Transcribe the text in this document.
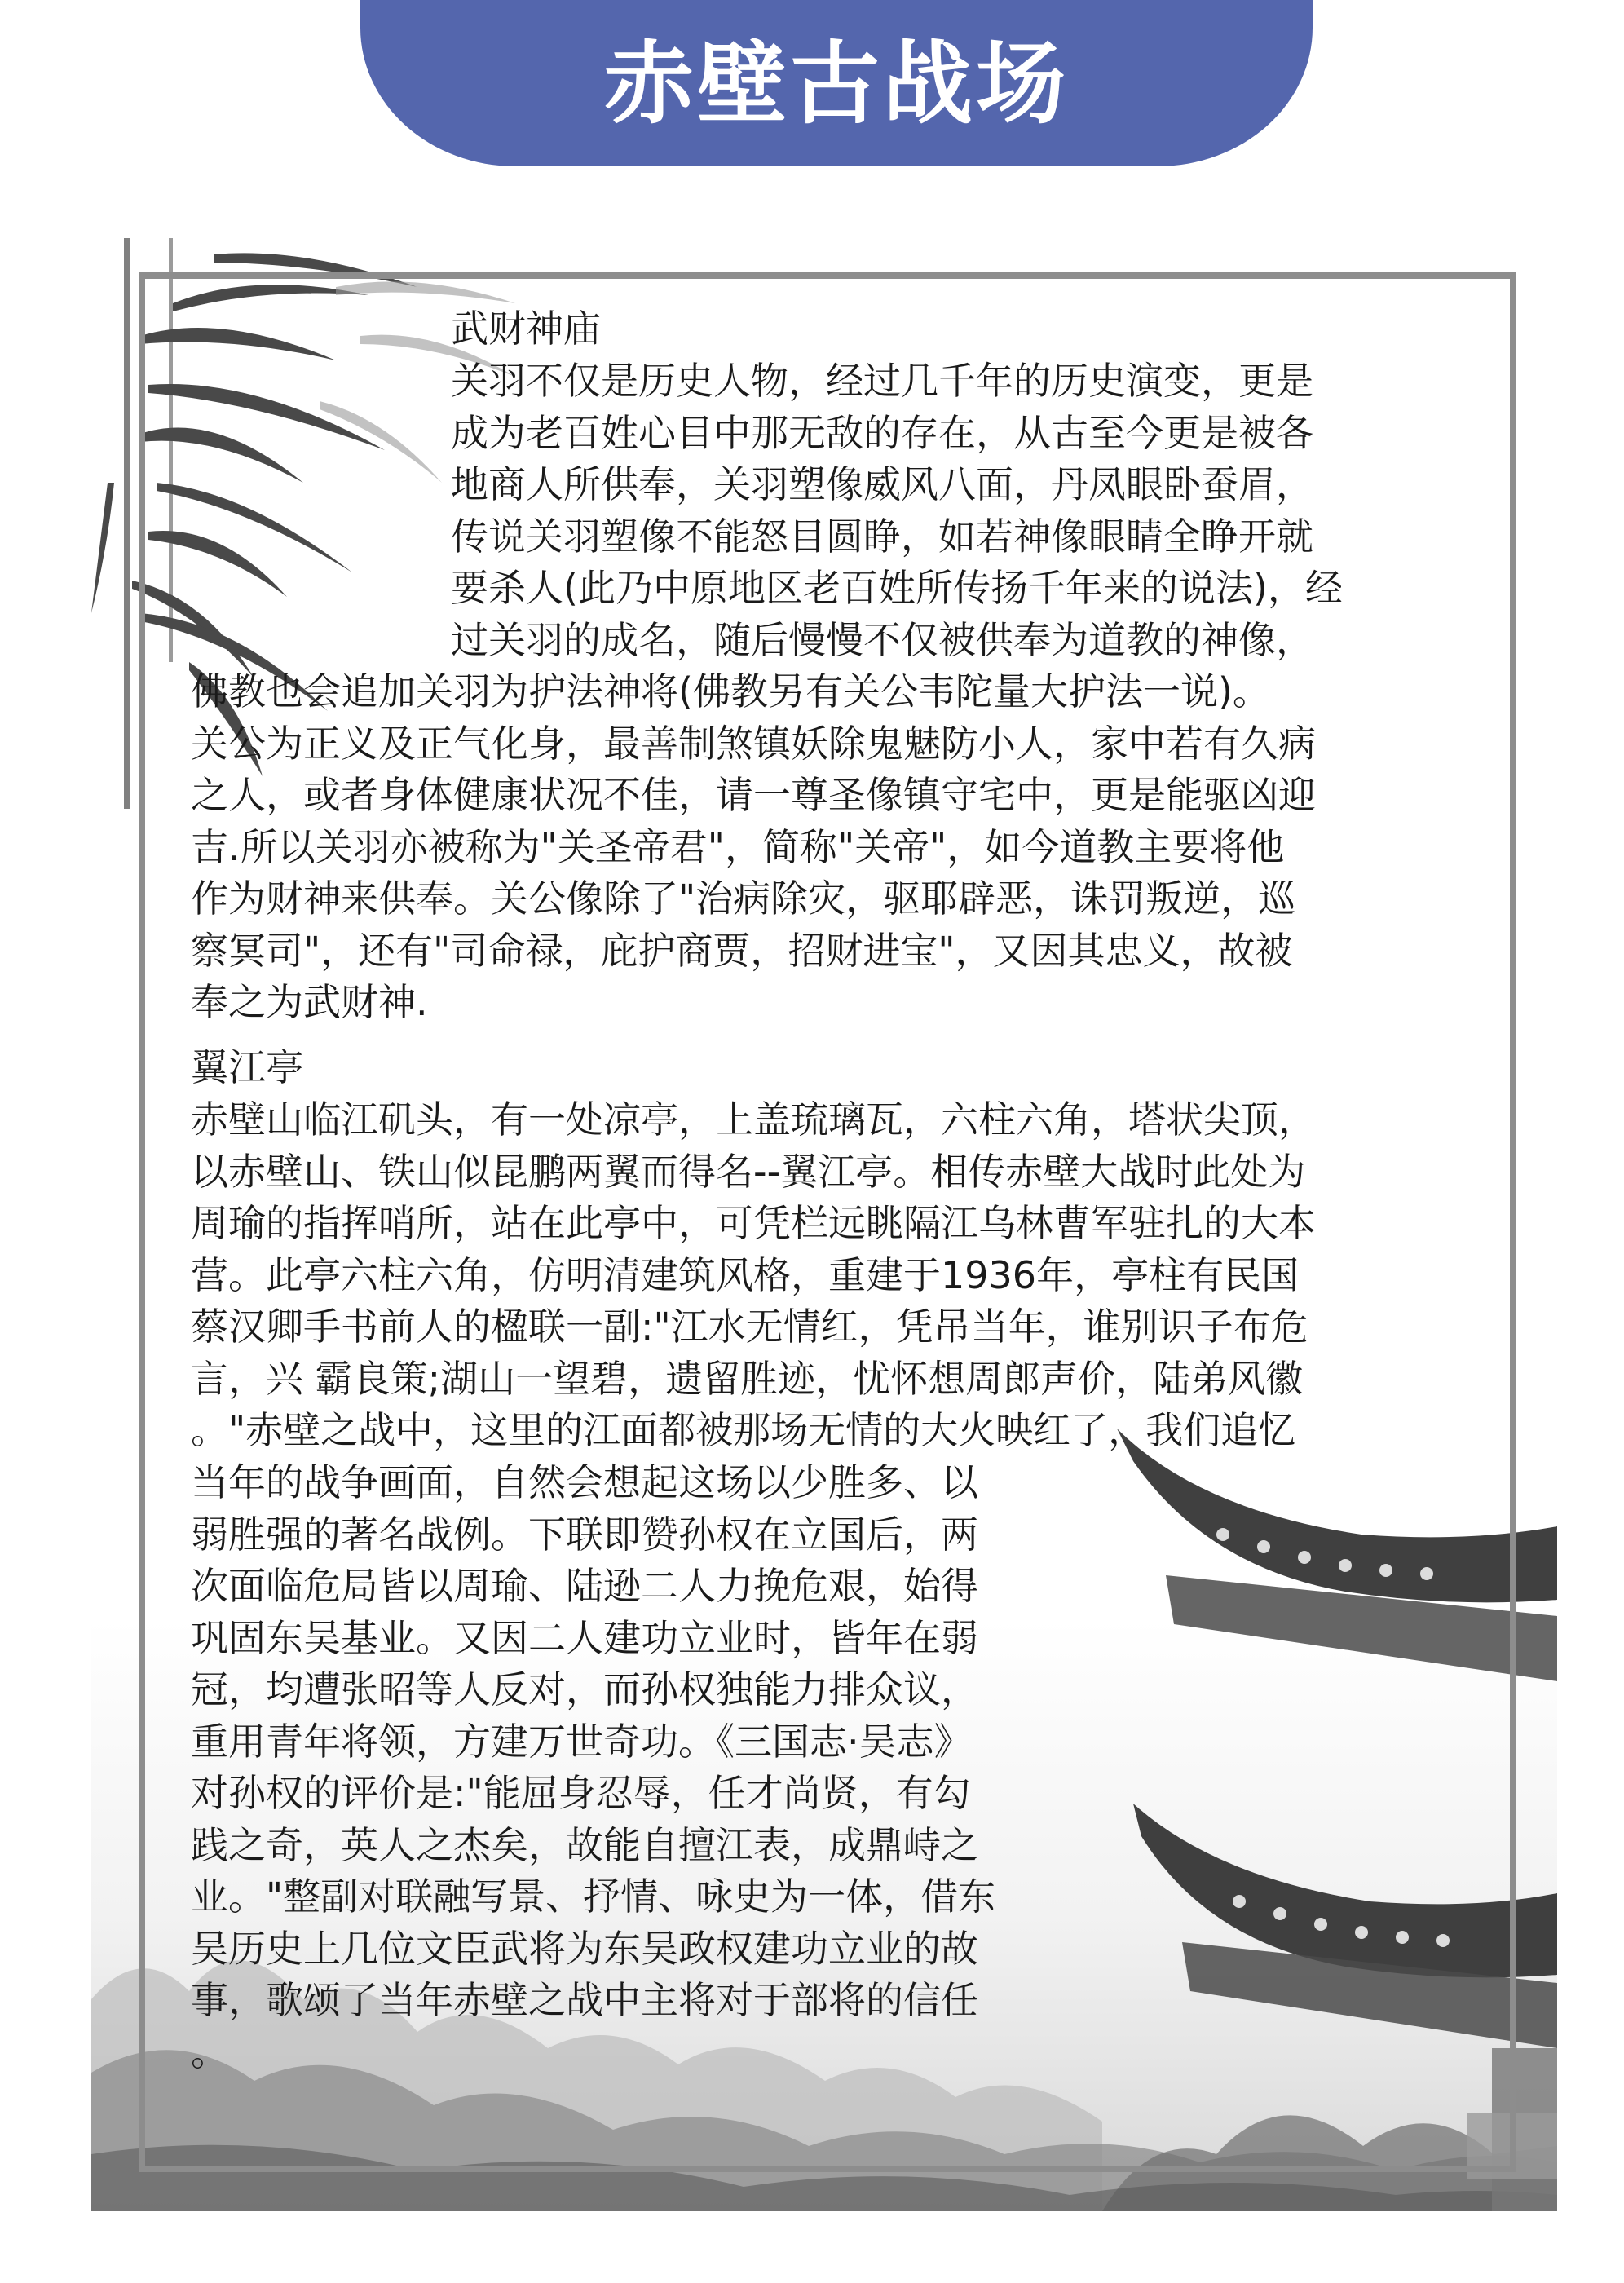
赤壁古战场

武财神庙

关羽不仅是历史人物，经过几千年的历史演变，更是
成为老百姓心目中那无敌的存在，从古至今更是被各
地商人所供奉，关羽塑像威风八面，丹凤眼卧蚕眉，
传说关羽塑像不能怒目圆睁，如若神像眼睛全睁开就
要杀人(此乃中原地区老百姓所传扬千年来的说法)，经
过关羽的成名，随后慢慢不仅被供奉为道教的神像，

佛教也会追加关羽为护法神将(佛教另有关公韦陀量大护法一说)。
关公为正义及正气化身，最善制煞镇妖除鬼魅防小人，家中若有久病
之人，或者身体健康状况不佳，请一尊圣像镇守宅中，更是能驱凶迎
吉.所以关羽亦被称为"关圣帝君"，简称"关帝"，如今道教主要将他
作为财神来供奉。关公像除了"治病除灾，驱耶辟恶，诛罚叛逆，巡
察冥司"，还有"司命禄，庇护商贾，招财进宝"，又因其忠义，故被
奉之为武财神.

翼江亭

赤壁山临江矶头，有一处凉亭，上盖琉璃瓦，六柱六角，塔状尖顶，
以赤壁山、铁山似昆鹏两翼而得名--翼江亭。相传赤壁大战时此处为
周瑜的指挥哨所，站在此亭中，可凭栏远眺隔江乌林曹军驻扎的大本
营。此亭六柱六角，仿明清建筑风格，重建于1936年，亭柱有民国
蔡汉卿手书前人的楹联一副:"江水无情红，凭吊当年，谁别识子布危
言，兴 霸良策;湖山一望碧，遗留胜迹，忧怀想周郎声价，陆弟风徽
。"赤壁之战中，这里的江面都被那场无情的大火映红了，我们追忆

当年的战争画面，自然会想起这场以少胜多、以
弱胜强的著名战例。下联即赞孙权在立国后，两
次面临危局皆以周瑜、陆逊二人力挽危艰，始得
巩固东吴基业。又因二人建功立业时，皆年在弱
冠，均遭张昭等人反对，而孙权独能力排众议，
重用青年将领，方建万世奇功。《三国志·吴志》
对孙权的评价是:"能屈身忍辱，任才尚贤，有勾
践之奇，英人之杰矣，故能自擅江表，成鼎峙之
业。"整副对联融写景、抒情、咏史为一体，借东
吴历史上几位文臣武将为东吴政权建功立业的故
事，歌颂了当年赤壁之战中主将对于部将的信任
。
